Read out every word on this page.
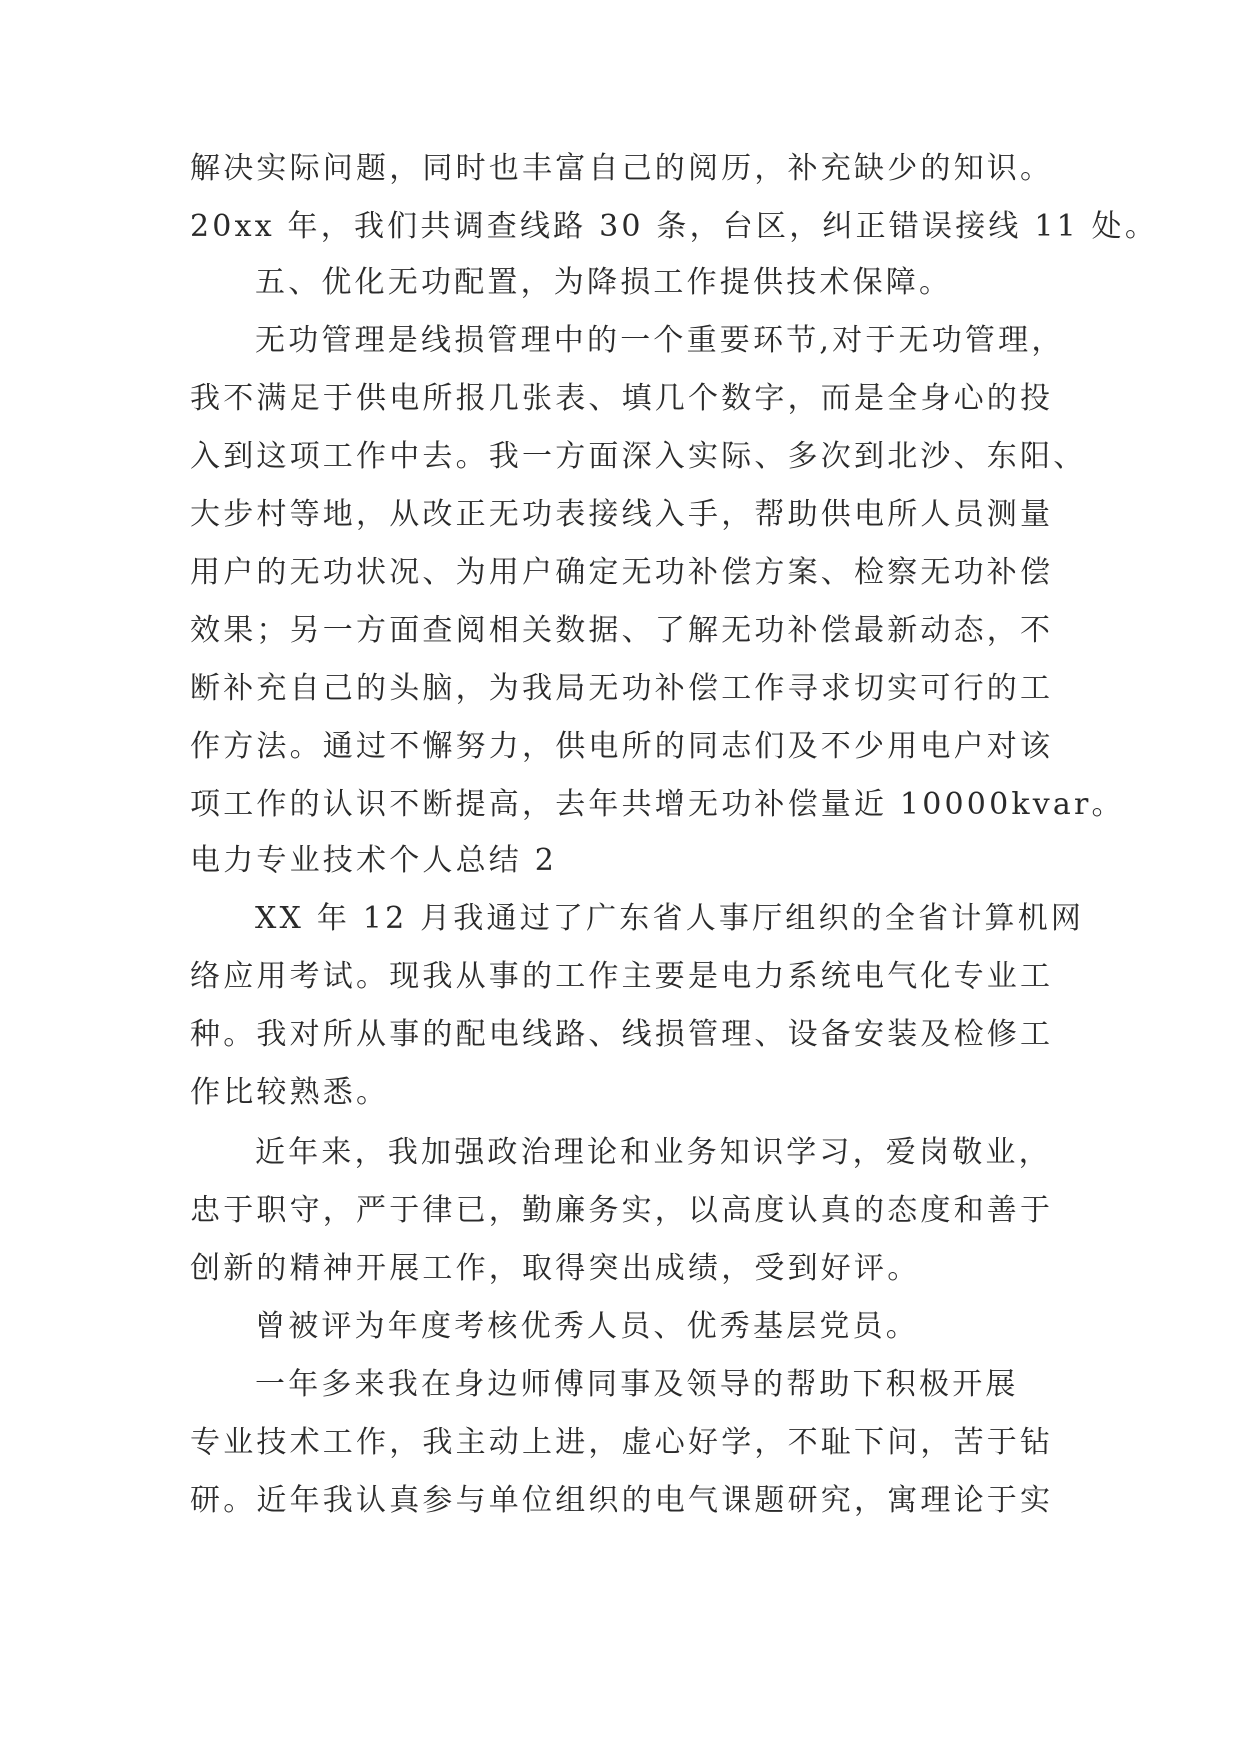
解决实际问题，同时也丰富自己的阅历，补充缺少的知识。
20xx 年，我们共调查线路 30 条，台区，纠正错误接线 11 处。
五、优化无功配置，为降损工作提供技术保障。
无功管理是线损管理中的一个重要环节,对于无功管理，
我不满足于供电所报几张表、填几个数字，而是全身心的投
入到这项工作中去。我一方面深入实际、多次到北沙、东阳、
大步村等地，从改正无功表接线入手，帮助供电所人员测量
用户的无功状况、为用户确定无功补偿方案、检察无功补偿
效果；另一方面查阅相关数据、了解无功补偿最新动态，不
断补充自己的头脑，为我局无功补偿工作寻求切实可行的工
作方法。通过不懈努力，供电所的同志们及不少用电户对该
项工作的认识不断提高，去年共增无功补偿量近 10000kvar。
电力专业技术个人总结 2
XX 年 12 月我通过了广东省人事厅组织的全省计算机网
络应用考试。现我从事的工作主要是电力系统电气化专业工
种。我对所从事的配电线路、线损管理、设备安装及检修工
作比较熟悉。
近年来，我加强政治理论和业务知识学习，爱岗敬业，
忠于职守，严于律已，勤廉务实，以高度认真的态度和善于
创新的精神开展工作，取得突出成绩，受到好评。
曾被评为年度考核优秀人员、优秀基层党员。
一年多来我在身边师傅同事及领导的帮助下积极开展
专业技术工作，我主动上进，虚心好学，不耻下问，苦于钻
研。近年我认真参与单位组织的电气课题研究，寓理论于实
